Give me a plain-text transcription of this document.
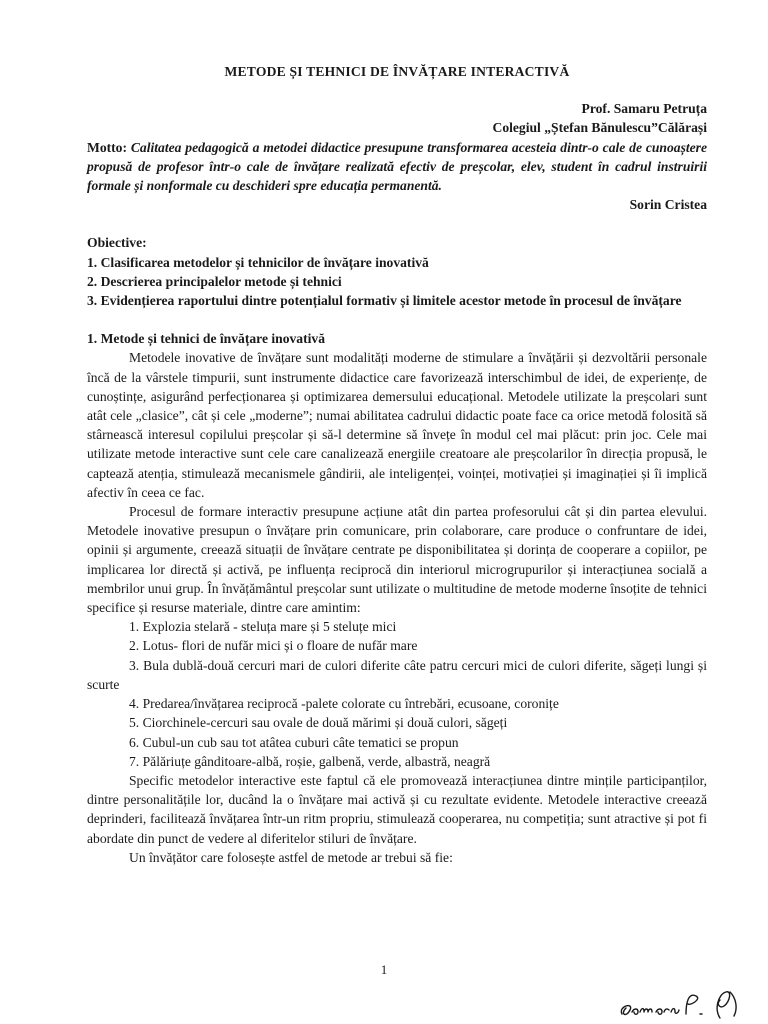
METODE ȘI TEHNICI DE ÎNVĂȚARE INTERACTIVĂ
Prof. Samaru Petruța
Colegiul „Ștefan Bănulescu”Călărași
Motto: Calitatea pedagogică a metodei didactice presupune transformarea acesteia dintr-o cale de cunoaștere propusă de profesor într-o cale de învățare realizată efectiv de preșcolar, elev, student în cadrul instruirii formale și nonformale cu deschideri spre educația permanentă.
Sorin Cristea
Obiective:
1. Clasificarea metodelor și tehnicilor de învățare inovativă
2. Descrierea principalelor metode și tehnici
3. Evidențierea raportului dintre potențialul formativ și limitele acestor metode în procesul de învățare
1. Metode și tehnici de învățare inovativă
Metodele inovative de învățare sunt modalități moderne de stimulare a învățării și dezvoltării personale încă de la vârstele timpurii, sunt instrumente didactice care favorizează interschimbul de idei, de experiențe, de cunoștințe, asigurând perfecționarea și optimizarea demersului educațional. Metodele utilizate la preșcolari sunt atât cele „clasice”, cât și cele „moderne”; numai abilitatea cadrului didactic poate face ca orice metodă folosită să stârnească interesul copilului preșcolar și să-l determine să învețe în modul cel mai plăcut: prin joc. Cele mai utilizate metode interactive sunt cele care canalizează energiile creatoare ale preșcolarilor în direcția propusă, le captează atenția, stimulează mecanismele gândirii, ale inteligenței, voinței, motivației și imaginației și îi implică afectiv în ceea ce fac.
Procesul de formare interactiv presupune acțiune atât din partea profesorului cât și din partea elevului. Metodele inovative presupun o învățare prin comunicare, prin colaborare, care produce o confruntare de idei, opinii și argumente, creează situații de învățare centrate pe disponibilitatea și dorința de cooperare a copiilor, pe implicarea lor directă și activă, pe influența reciprocă din interiorul microgrupurilor și interacțiunea socială a membrilor unui grup. În învățământul preșcolar sunt utilizate o multitudine de metode moderne însoțite de tehnici specifice și resurse materiale, dintre care amintim:
1. Explozia stelară - steluța mare și 5 steluțe mici
2. Lotus- flori de nufăr mici și o floare de nufăr mare
3. Bula dublă-două cercuri mari de culori diferite câte patru cercuri mici de culori diferite, săgeți lungi și scurte
4. Predarea/învățarea reciprocă -palete colorate cu întrebări, ecusoane, coronițe
5. Ciorchinele-cercuri sau ovale de două mărimi și două culori, săgeți
6. Cubul-un cub sau tot atâtea cuburi câte tematici se propun
7. Pălăriuțe gânditoare-albă, roșie, galbenă, verde, albastră, neagră
Specific metodelor interactive este faptul că ele promovează interacțiunea dintre mințile participanților, dintre personalitățile lor, ducând la o învățare mai activă și cu rezultate evidente. Metodele interactive creează deprinderi, facilitează învățarea într-un ritm propriu, stimulează cooperarea, nu competiția; sunt atractive și pot fi abordate din punct de vedere al diferitelor stiluri de învățare.
Un învățător care folosește astfel de metode ar trebui să fie:
1
